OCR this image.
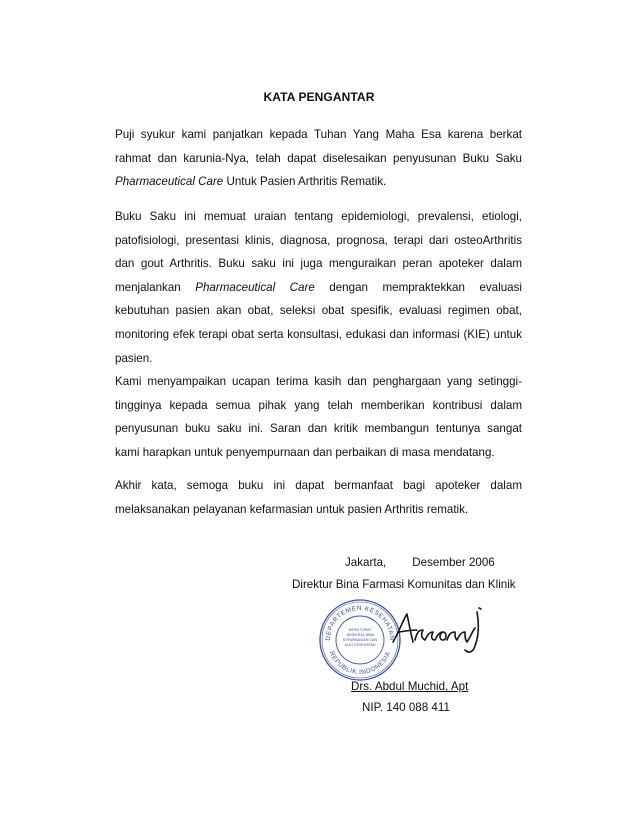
KATA PENGANTAR
Puji syukur kami panjatkan kepada Tuhan Yang Maha Esa karena berkat
rahmat dan karunia-Nya, telah dapat diselesaikan penyusunan Buku Saku
Pharmaceutical Care Untuk Pasien Arthritis Rematik.
Buku Saku ini memuat uraian tentang epidemiologi, prevalensi, etiologi,
patofisiologi, presentasi klinis, diagnosa, prognosa, terapi dari osteoArthritis
dan gout Arthritis. Buku saku ini juga menguraikan peran apoteker dalam
menjalankan Pharmaceutical Care dengan mempraktekkan evaluasi
kebutuhan pasien akan obat, seleksi obat spesifik, evaluasi regimen obat,
monitoring efek terapi obat serta konsultasi, edukasi dan informasi (KIE) untuk
pasien.
Kami menyampaikan ucapan terima kasih dan penghargaan yang setinggi-
tingginya kepada semua pihak yang telah memberikan kontribusi dalam
penyusunan buku saku ini. Saran dan kritik membangun tentunya sangat
kami harapkan untuk penyempurnaan dan perbaikan di masa mendatang.
Akhir kata, semoga buku ini dapat bermanfaat bagi apoteker dalam
melaksanakan pelayanan kefarmasian untuk pasien Arthritis rematik.
Jakarta, Desember 2006
Direktur Bina Farmasi Komunitas dan Klinik
DEPARTEMEN KESEHATAN
REPUBLIK INDONESIA
DIREKTORAT JENDERAL BINA KEFARMASIAN DAN ALAT KESEHATAN
Drs. Abdul Muchid, Apt
NIP. 140 088 411
